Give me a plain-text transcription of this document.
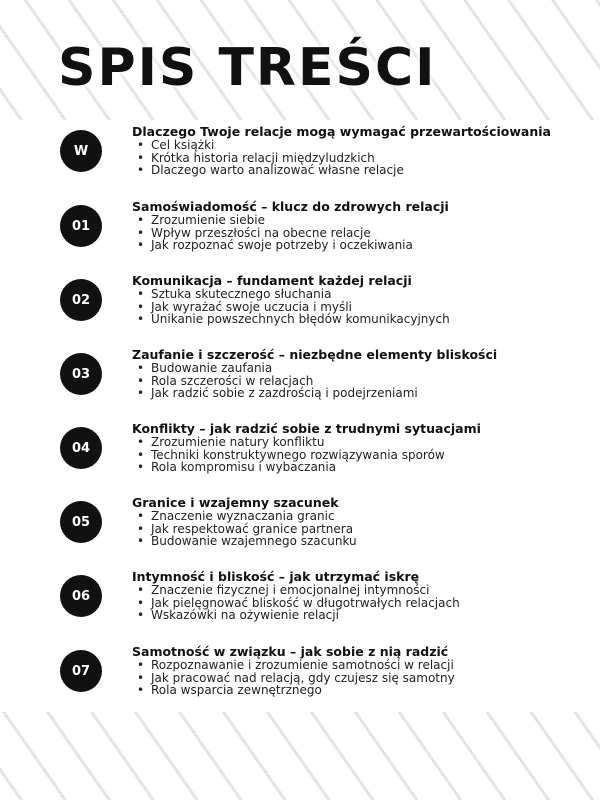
SPIS TREŚCI
W
Dlaczego Twoje relacje mogą wymagać przewartościowania
• Cel książki
• Krótka historia relacji międzyludzkich
• Dlaczego warto analizować własne relacje
01
Samoświadomość – klucz do zdrowych relacji
• Zrozumienie siebie
• Wpływ przeszłości na obecne relacje
• Jak rozpoznać swoje potrzeby i oczekiwania
02
Komunikacja – fundament każdej relacji
• Sztuka skutecznego słuchania
• Jak wyrażać swoje uczucia i myśli
• Unikanie powszechnych błędów komunikacyjnych
03
Zaufanie i szczerość – niezbędne elementy bliskości
• Budowanie zaufania
• Rola szczerości w relacjach
• Jak radzić sobie z zazdrością i podejrzeniami
04
Konflikty – jak radzić sobie z trudnymi sytuacjami
• Zrozumienie natury konfliktu
• Techniki konstruktywnego rozwiązywania sporów
• Rola kompromisu i wybaczania
05
Granice i wzajemny szacunek
• Znaczenie wyznaczania granic
• Jak respektować granice partnera
• Budowanie wzajemnego szacunku
06
Intymność i bliskość – jak utrzymać iskrę
• Znaczenie fizycznej i emocjonalnej intymności
• Jak pielęgnować bliskość w długotrwałych relacjach
• Wskazówki na ożywienie relacji
07
Samotność w związku – jak sobie z nią radzić
• Rozpoznawanie i zrozumienie samotności w relacji
• Jak pracować nad relacją, gdy czujesz się samotny
• Rola wsparcia zewnętrznego
